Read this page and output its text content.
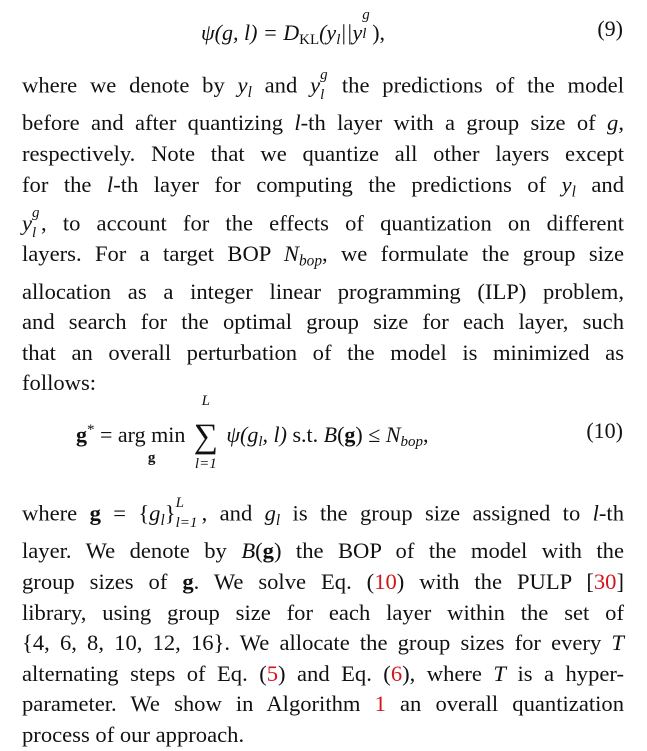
ψ(g, $l) = D_{KL}(y_l||y$
g
l ),	(9)
where we denote by $y_l$ and y g
l the predictions of the model
before and after quantizing l-th layer with a group size of g,
respectively. Note that we quantize all other layers except
for the l-th layer for computing the predictions of $y_l$ and
y g
l , to account for the effects of quantization on different
layers. For a target BOP $N_{bop}$, we formulate the group size
allocation as a integer linear programming (ILP) problem,
and search for the optimal group size for each layer, such
that an overall perturbation of the model is minimized as
follows:
g* = arg min
g

L
∑
l=1
$\psi(g_l$, l) s.t. $B(g) \le N_{bop}$,	(10)
where $g = \{g_l\}$ L
l=1 , and $g_l$ is the group size assigned to l-th
layer. We denote by B(g) the BOP of the model with the
group sizes of g. We solve Eq. (10) with the PULP [30]
library, using group size for each layer within the set of
{4, 6, 8, 10, 12, 16}. We allocate the group sizes for every T
alternating steps of Eq. (5) and Eq. (6), where T is a hyper-
parameter. We show in Algorithm 1 an overall quantization
process of our approach.
